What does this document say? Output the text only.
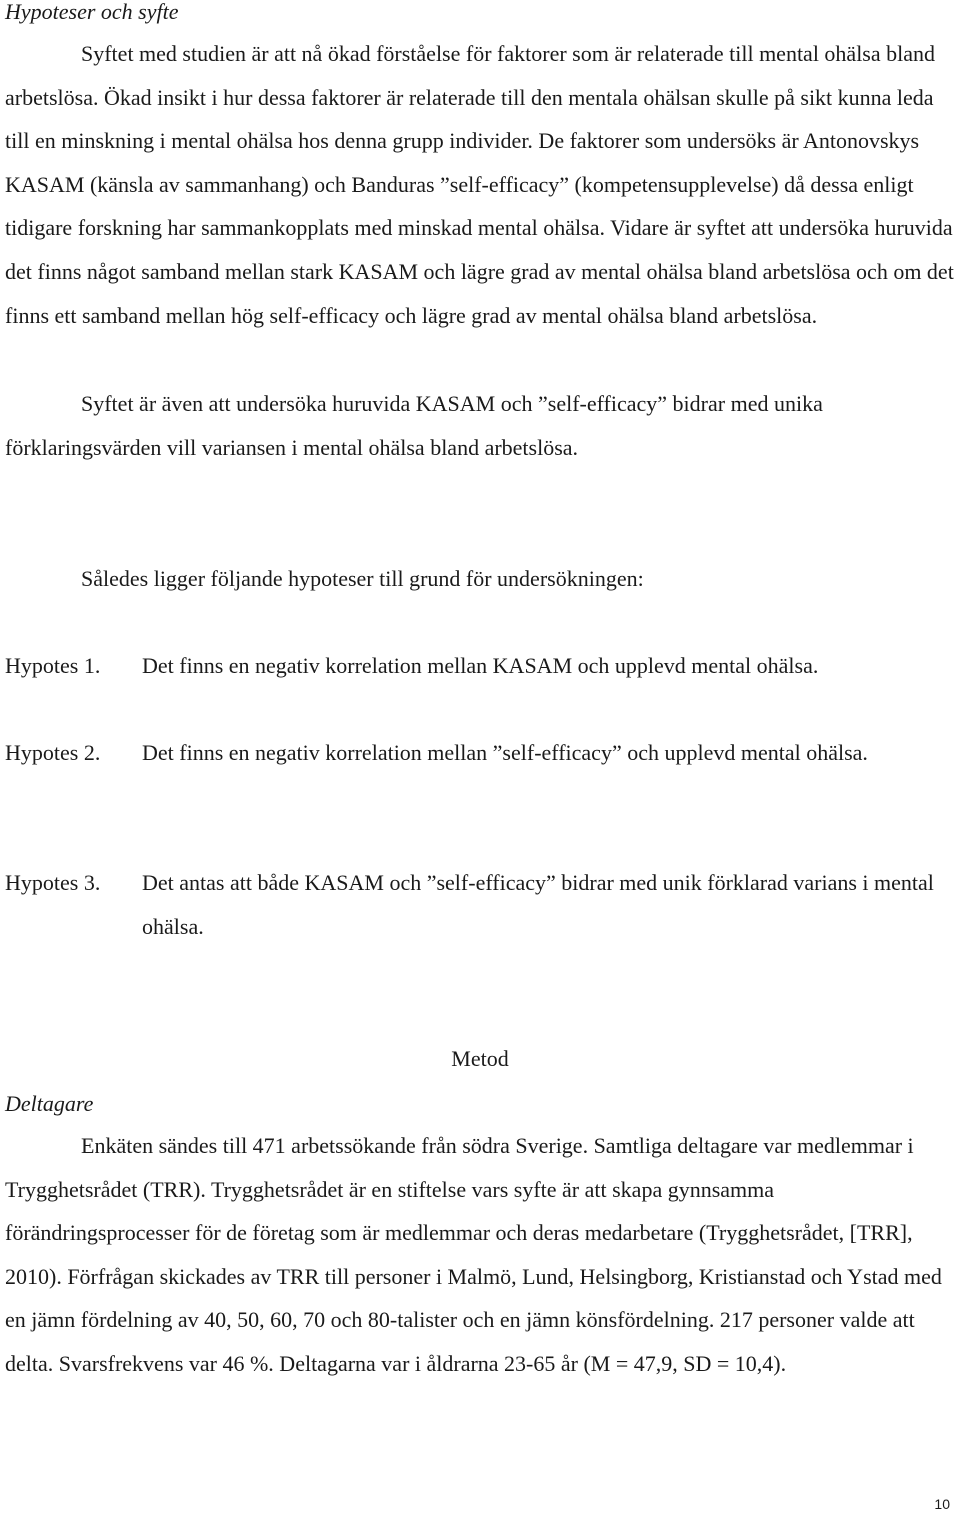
Hypoteser och syfte

Syftet med studien är att nå ökad förståelse för faktorer som är relaterade till mental ohälsa bland arbetslösa. Ökad insikt i hur dessa faktorer är relaterade till den mentala ohälsan skulle på sikt kunna leda till en minskning i mental ohälsa hos denna grupp individer. De faktorer som undersöks är Antonovskys KASAM (känsla av sammanhang) och Banduras ”self-efficacy” (kompetensupplevelse) då dessa enligt tidigare forskning har sammankopplats med minskad mental ohälsa. Vidare är syftet att undersöka huruvida det finns något samband mellan stark KASAM och lägre grad av mental ohälsa bland arbetslösa och om det finns ett samband mellan hög self-efficacy och lägre grad av mental ohälsa bland arbetslösa.

Syftet är även att undersöka huruvida KASAM och ”self-efficacy” bidrar med unika förklaringsvärden vill variansen i mental ohälsa bland arbetslösa.

Således ligger följande hypoteser till grund för undersökningen:

Hypotes 1. Det finns en negativ korrelation mellan KASAM och upplevd mental ohälsa.
Hypotes 2. Det finns en negativ korrelation mellan ”self-efficacy” och upplevd mental ohälsa.
Hypotes 3. Det antas att både KASAM och ”self-efficacy” bidrar med unik förklarad varians i mental ohälsa.
Metod
Deltagare

Enkäten sändes till 471 arbetssökande från södra Sverige. Samtliga deltagare var medlemmar i Trygghetsrådet (TRR). Trygghetsrådet är en stiftelse vars syfte är att skapa gynnsamma förändringsprocesser för de företag som är medlemmar och deras medarbetare (Trygghetsrådet, [TRR], 2010). Förfrågan skickades av TRR till personer i Malmö, Lund, Helsingborg, Kristianstad och Ystad med en jämn fördelning av 40, 50, 60, 70 och 80-talister och en jämn könsfördelning. 217 personer valde att delta. Svarsfrekvens var 46 %. Deltagarna var i åldrarna 23-65 år (M = 47,9, SD = 10,4).

10
